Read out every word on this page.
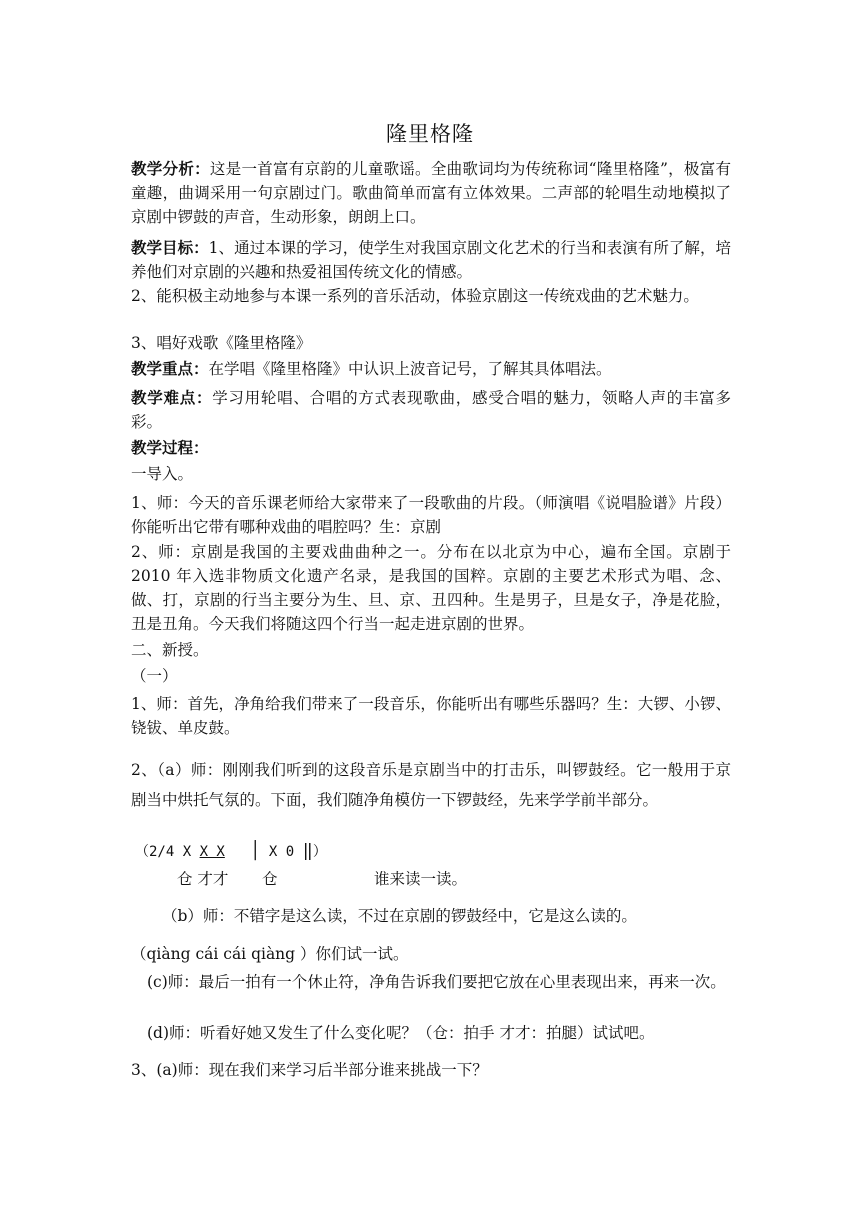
隆里格隆
教学分析：这是一首富有京韵的儿童歌谣。全曲歌词均为传统称词“隆里格隆”，极富有童趣，曲调采用一句京剧过门。歌曲简单而富有立体效果。二声部的轮唱生动地模拟了京剧中锣鼓的声音，生动形象，朗朗上口。
教学目标：1、通过本课的学习，使学生对我国京剧文化艺术的行当和表演有所了解，培养他们对京剧的兴趣和热爱祖国传统文化的情感。
2、能积极主动地参与本课一系列的音乐活动，体验京剧这一传统戏曲的艺术魅力。
3、唱好戏歌《隆里格隆》
教学重点：在学唱《隆里格隆》中认识上波音记号，了解其具体唱法。
教学难点：学习用轮唱、合唱的方式表现歌曲，感受合唱的魅力，领略人声的丰富多彩。
教学过程：
一导入。
1、师：今天的音乐课老师给大家带来了一段歌曲的片段。（师演唱《说唱脸谱》片段）你能听出它带有哪种戏曲的唱腔吗？生：京剧
2、师：京剧是我国的主要戏曲曲种之一。分布在以北京为中心，遍布全国。京剧于 2010 年入选非物质文化遗产名录，是我国的国粹。京剧的主要艺术形式为唱、念、做、打，京剧的行当主要分为生、旦、京、丑四种。生是男子，旦是女子，净是花脸，丑是丑角。今天我们将随这四个行当一起走进京剧的世界。
二、新授。
（一）
1、师：首先，净角给我们带来了一段音乐，你能听出有哪些乐器吗？生：大锣、小锣、铙钹、单皮鼓。
2、（a）师：刚刚我们听到的这段音乐是京剧当中的打击乐，叫锣鼓经。它一般用于京剧当中烘托气氛的。下面，我们随净角模仿一下锣鼓经，先来学学前半部分。
（2/4 X X X │ X 0 ‖）
仓 才才 仓	谁来读一读。
（b）师：不错字是这么读，不过在京剧的锣鼓经中，它是这么读的。
（qiàng cái cái qiàng ）你们试一试。
(c)师：最后一拍有一个休止符，净角告诉我们要把它放在心里表现出来，再来一次。
(d)师：听看好她又发生了什么变化呢？（仓：拍手 才才：拍腿）试试吧。
3、(a)师：现在我们来学习后半部分谁来挑战一下？
